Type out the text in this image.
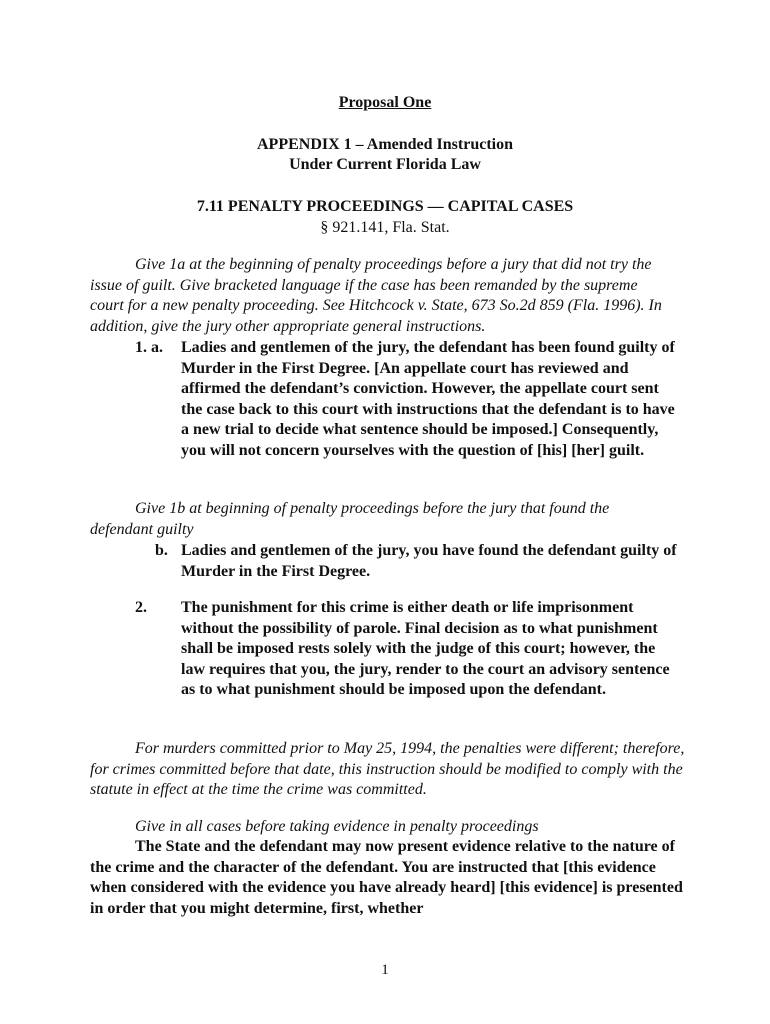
Proposal One
APPENDIX 1 – Amended Instruction
Under Current Florida Law
7.11 PENALTY PROCEEDINGS — CAPITAL CASES
§ 921.141, Fla. Stat.
Give 1a at the beginning of penalty proceedings before a jury that did not try the issue of guilt. Give bracketed language if the case has been remanded by the supreme court for a new penalty proceeding. See Hitchcock v. State, 673 So.2d 859 (Fla. 1996). In addition, give the jury other appropriate general instructions.
1. a. Ladies and gentlemen of the jury, the defendant has been found guilty of Murder in the First Degree. [An appellate court has reviewed and affirmed the defendant’s conviction. However, the appellate court sent the case back to this court with instructions that the defendant is to have a new trial to decide what sentence should be imposed.] Consequently, you will not concern yourselves with the question of [his] [her] guilt.
Give 1b at beginning of penalty proceedings before the jury that found the defendant guilty
b. Ladies and gentlemen of the jury, you have found the defendant guilty of Murder in the First Degree.
2. The punishment for this crime is either death or life imprisonment without the possibility of parole. Final decision as to what punishment shall be imposed rests solely with the judge of this court; however, the law requires that you, the jury, render to the court an advisory sentence as to what punishment should be imposed upon the defendant.
For murders committed prior to May 25, 1994, the penalties were different; therefore, for crimes committed before that date, this instruction should be modified to comply with the statute in effect at the time the crime was committed.
Give in all cases before taking evidence in penalty proceedings
The State and the defendant may now present evidence relative to the nature of the crime and the character of the defendant. You are instructed that [this evidence when considered with the evidence you have already heard] [this evidence] is presented in order that you might determine, first, whether
1
